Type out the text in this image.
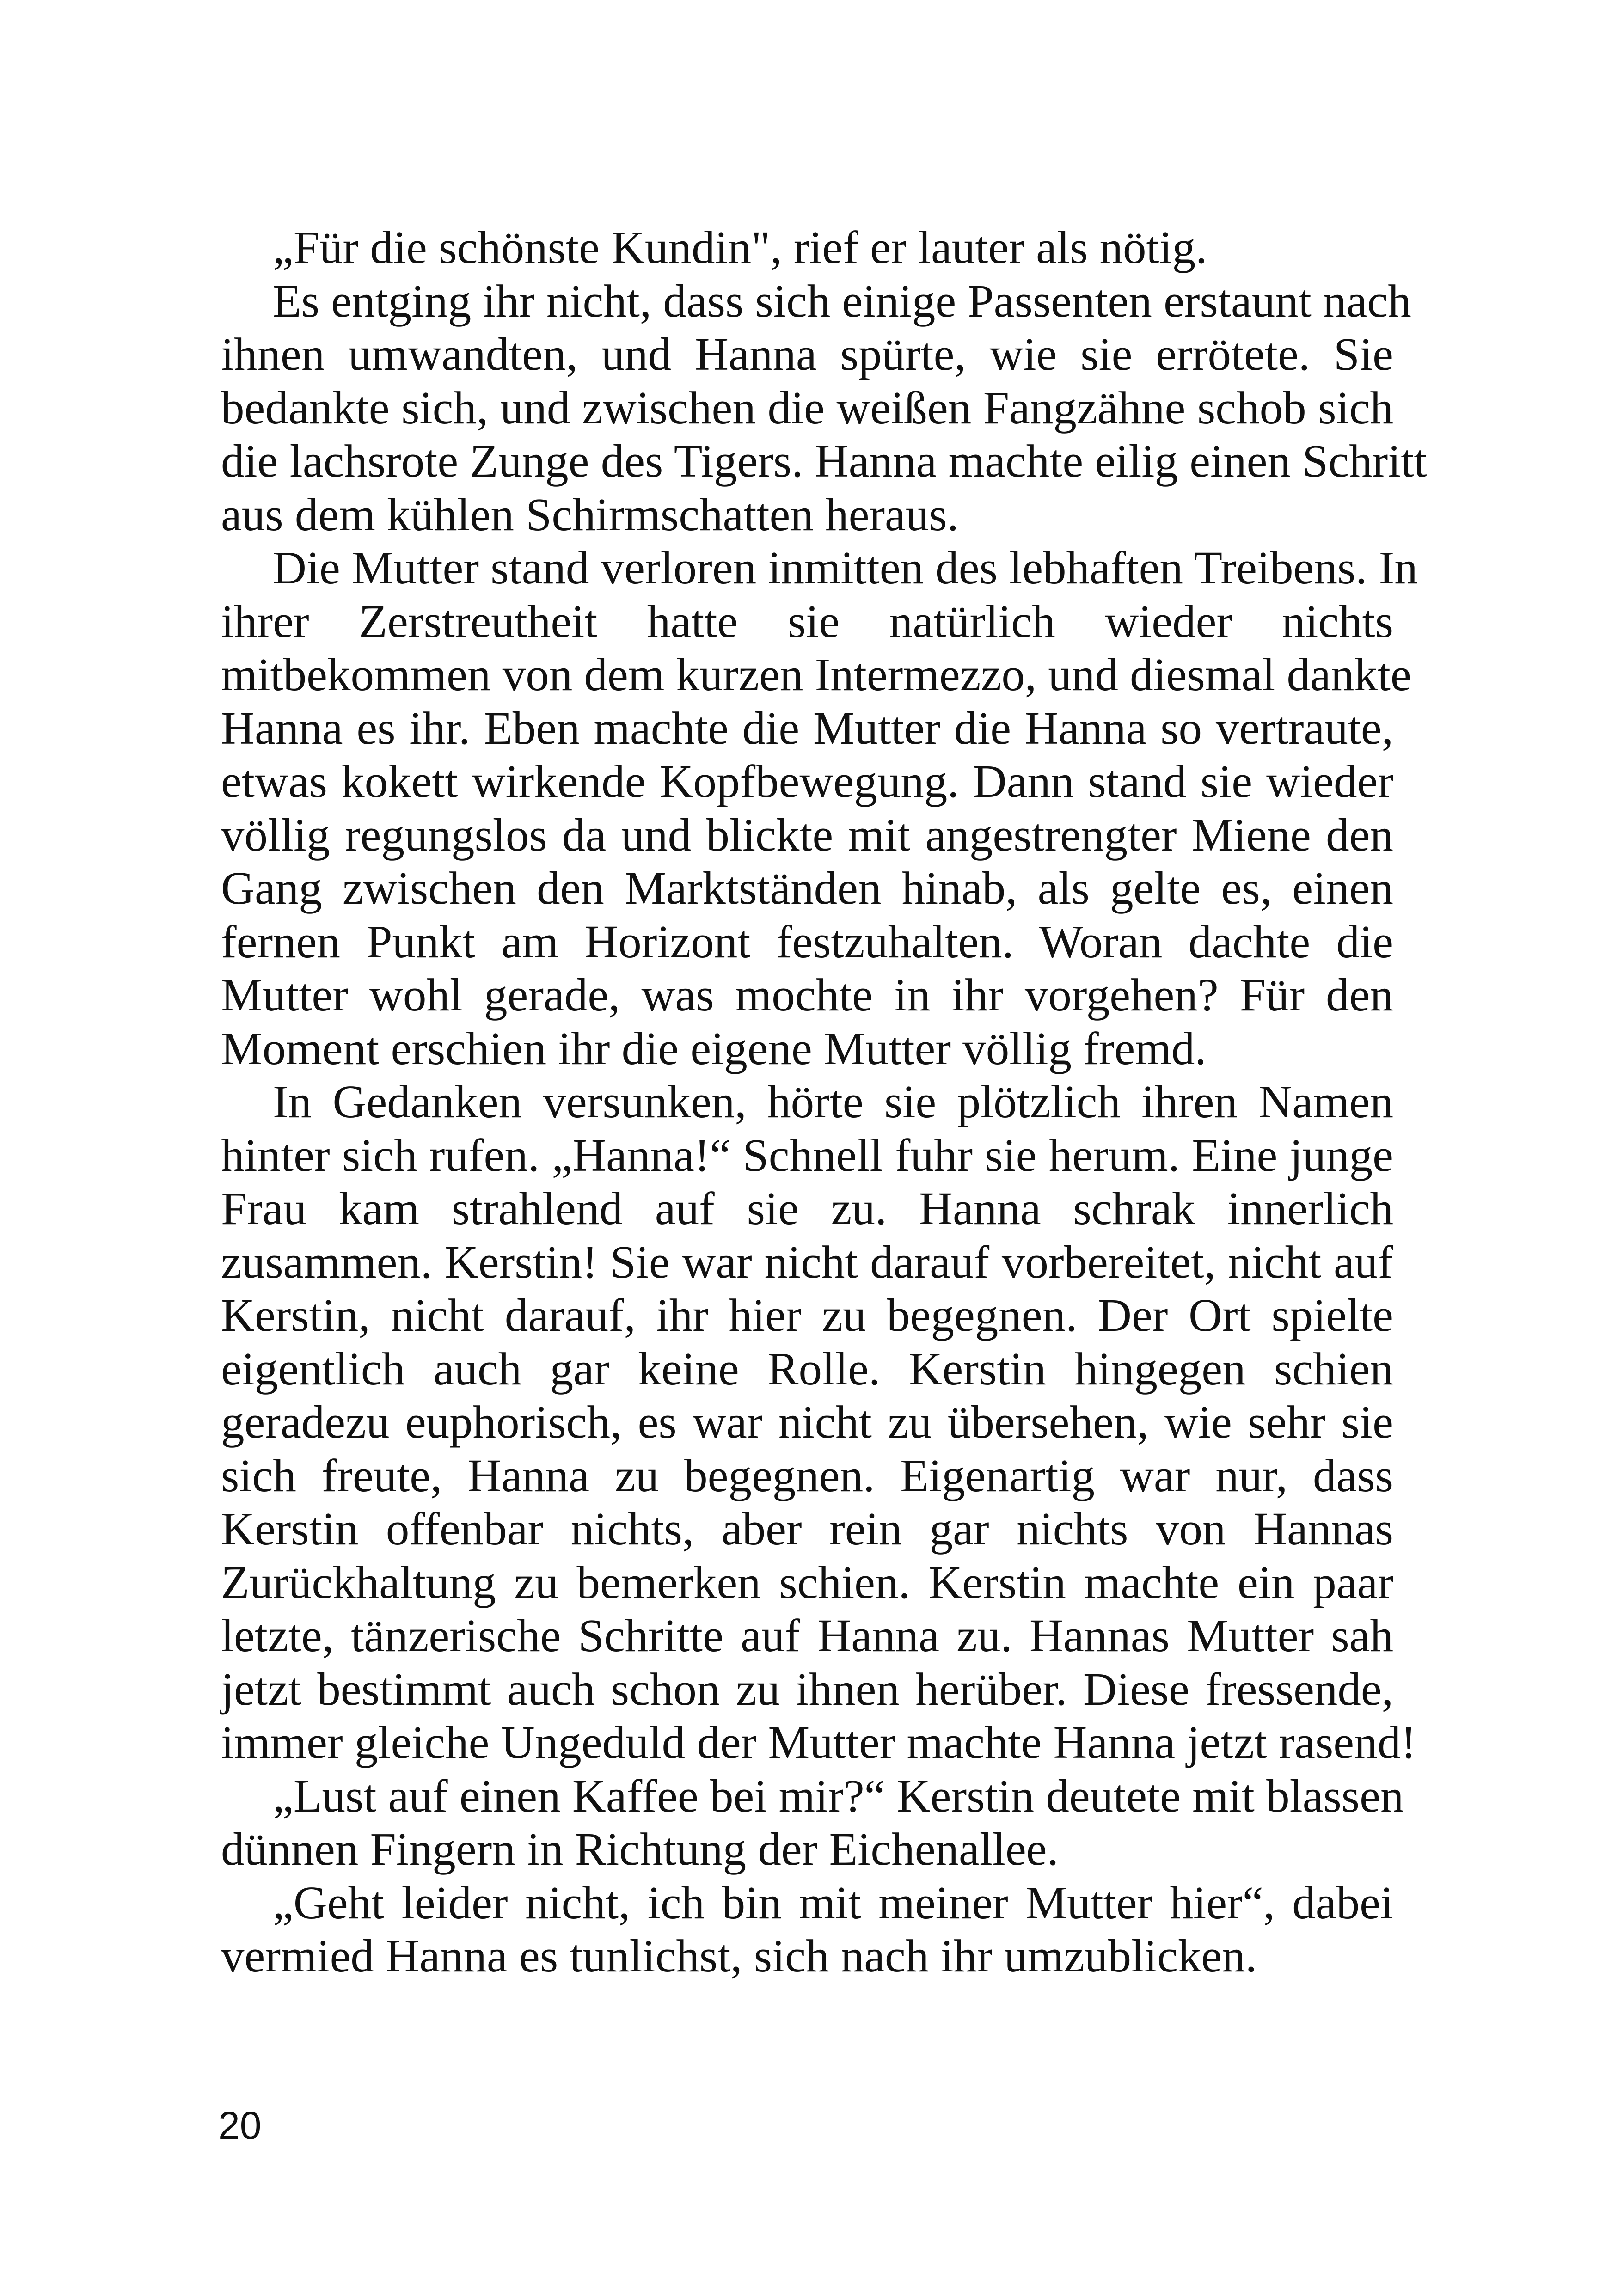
„Für die schönste Kundin", rief er lauter als nötig.
Es entging ihr nicht, dass sich einige Passenten erstaunt nach
ihnen umwandten, und Hanna spürte, wie sie errötete. Sie
bedankte sich, und zwischen die weißen Fangzähne schob sich
die lachsrote Zunge des Tigers. Hanna machte eilig einen Schritt
aus dem kühlen Schirmschatten heraus.
Die Mutter stand verloren inmitten des lebhaften Treibens. In
ihrer Zerstreutheit hatte sie natürlich wieder nichts
mitbekommen von dem kurzen Intermezzo, und diesmal dankte
Hanna es ihr. Eben machte die Mutter die Hanna so vertraute,
etwas kokett wirkende Kopfbewegung. Dann stand sie wieder
völlig regungslos da und blickte mit angestrengter Miene den
Gang zwischen den Marktständen hinab, als gelte es, einen
fernen Punkt am Horizont festzuhalten. Woran dachte die
Mutter wohl gerade, was mochte in ihr vorgehen? Für den
Moment erschien ihr die eigene Mutter völlig fremd.
In Gedanken versunken, hörte sie plötzlich ihren Namen
hinter sich rufen. „Hanna!“ Schnell fuhr sie herum. Eine junge
Frau kam strahlend auf sie zu. Hanna schrak innerlich
zusammen. Kerstin! Sie war nicht darauf vorbereitet, nicht auf
Kerstin, nicht darauf, ihr hier zu begegnen. Der Ort spielte
eigentlich auch gar keine Rolle. Kerstin hingegen schien
geradezu euphorisch, es war nicht zu übersehen, wie sehr sie
sich freute, Hanna zu begegnen. Eigenartig war nur, dass
Kerstin offenbar nichts, aber rein gar nichts von Hannas
Zurückhaltung zu bemerken schien. Kerstin machte ein paar
letzte, tänzerische Schritte auf Hanna zu. Hannas Mutter sah
jetzt bestimmt auch schon zu ihnen herüber. Diese fressende,
immer gleiche Ungeduld der Mutter machte Hanna jetzt rasend!
„Lust auf einen Kaffee bei mir?“ Kerstin deutete mit blassen
dünnen Fingern in Richtung der Eichenallee.
„Geht leider nicht, ich bin mit meiner Mutter hier“, dabei
vermied Hanna es tunlichst, sich nach ihr umzublicken.
20
